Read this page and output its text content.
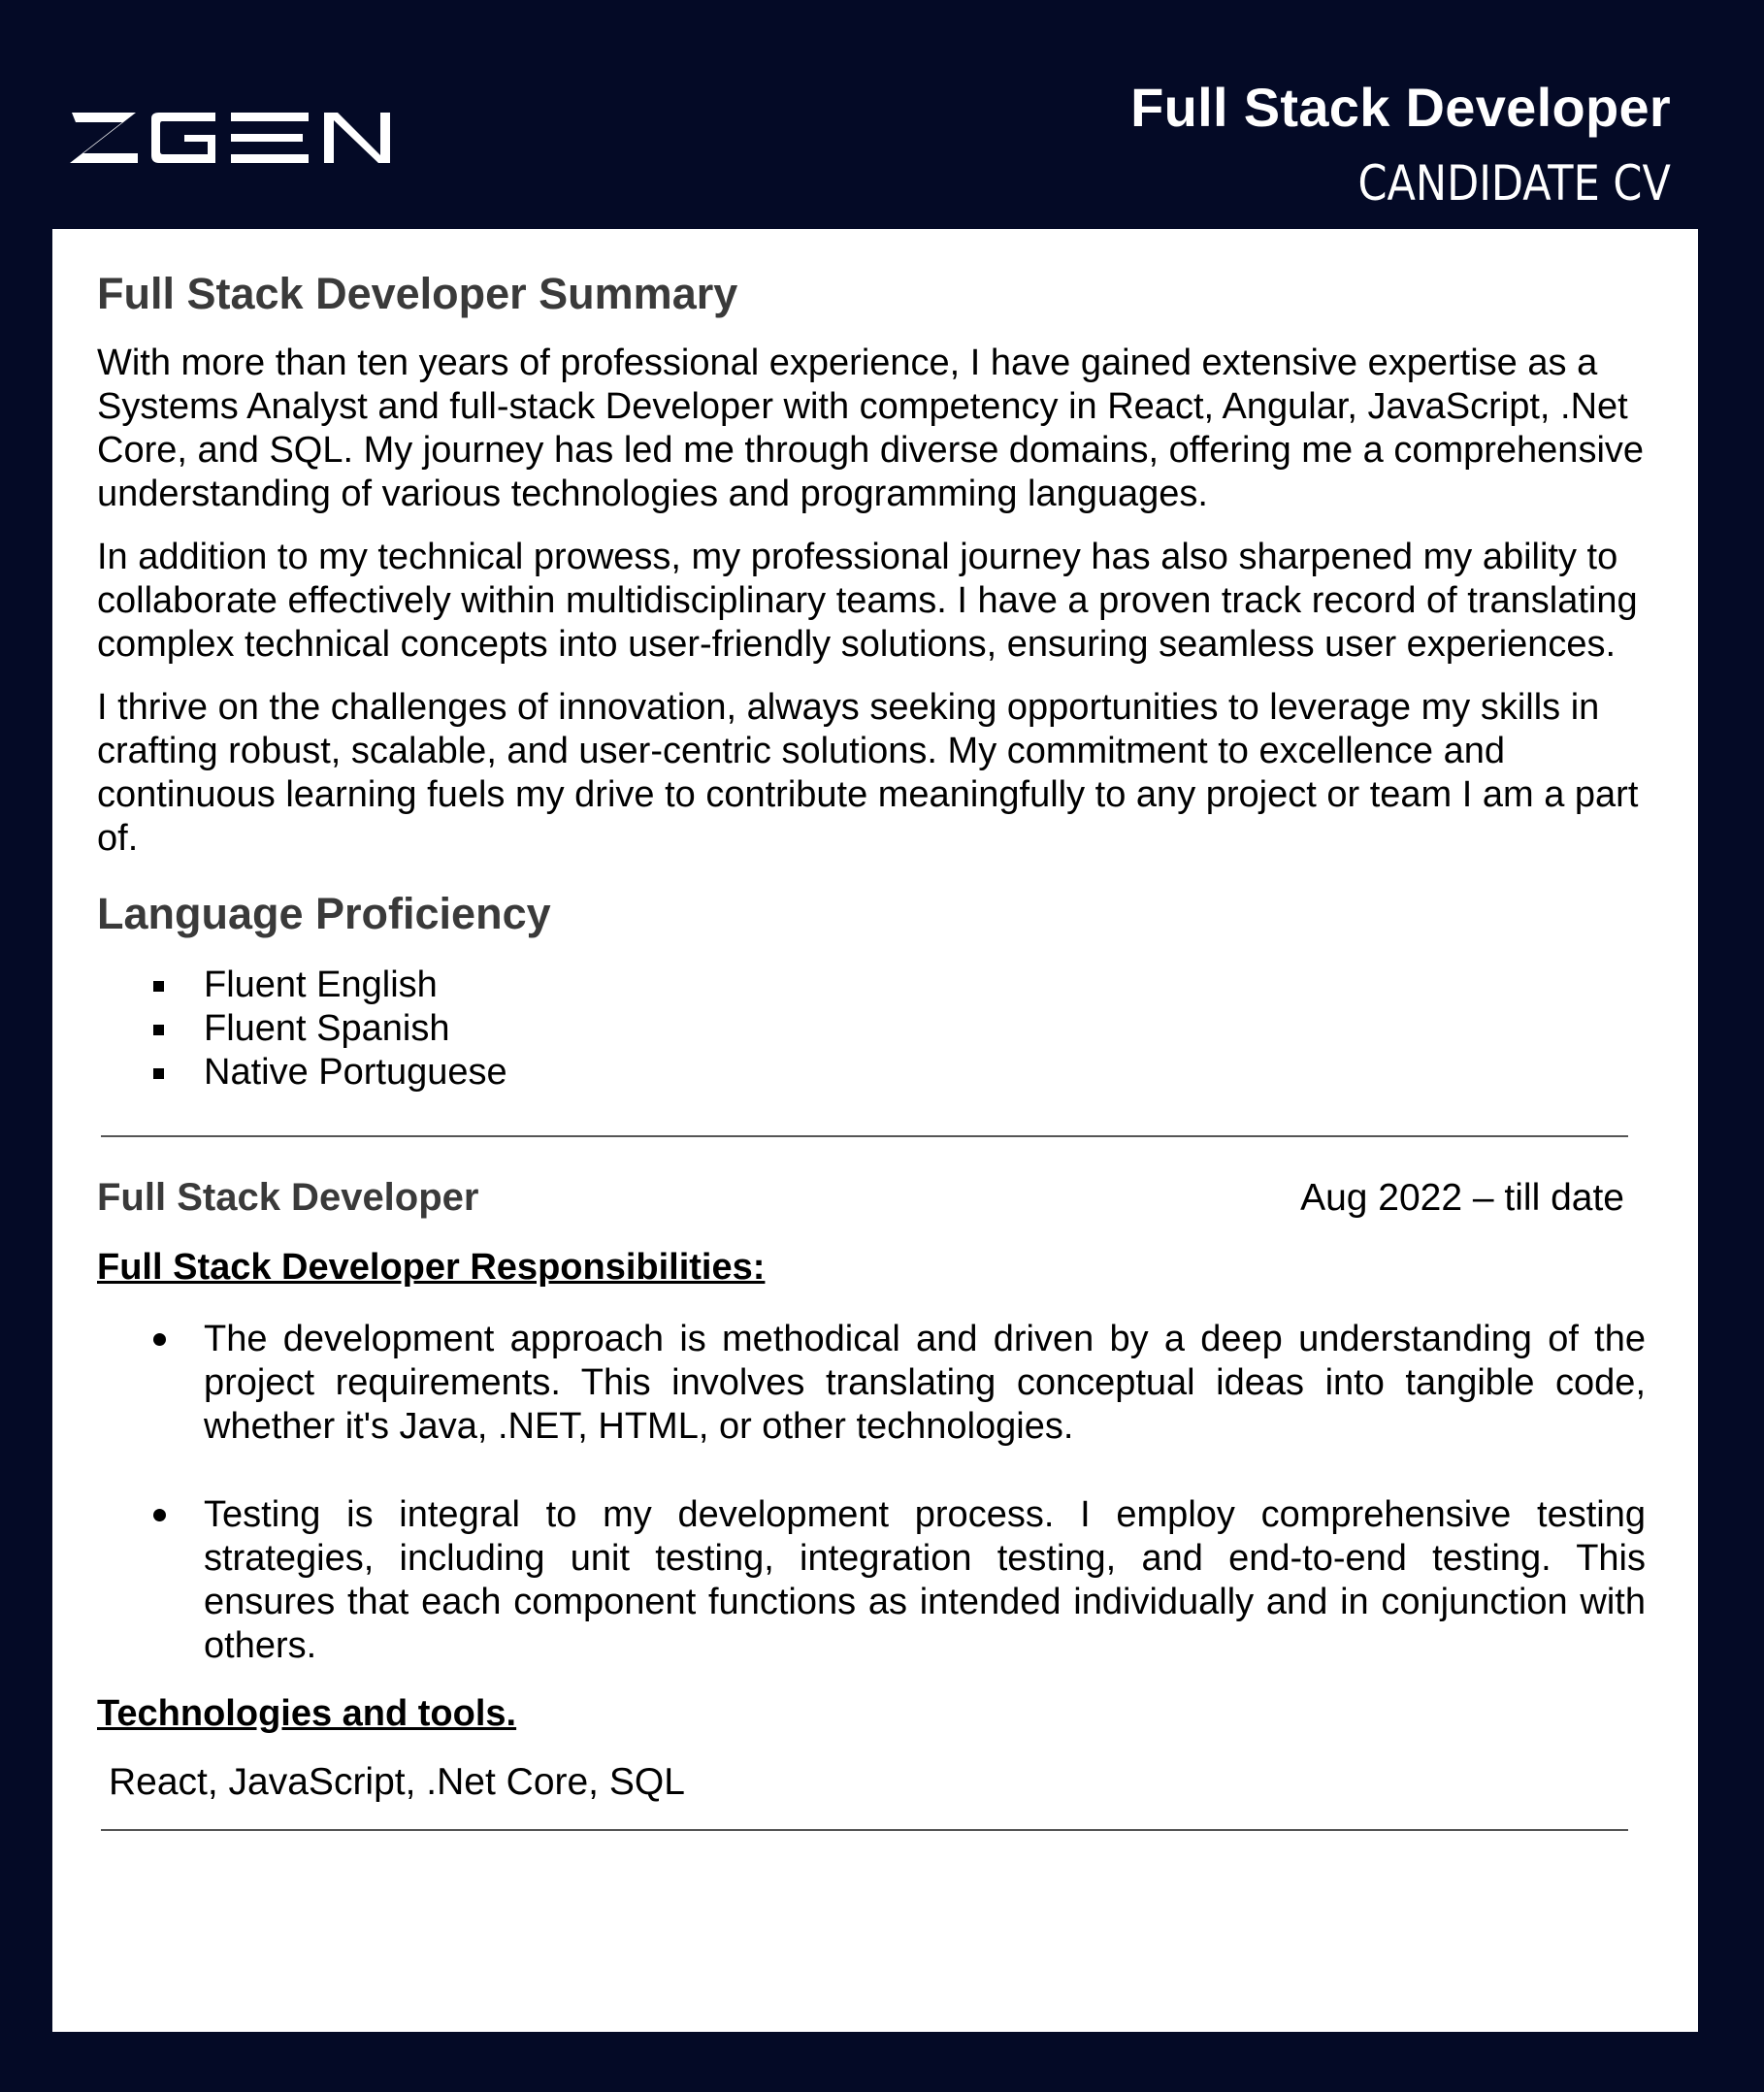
Full Stack Developer
CANDIDATE CV
Full Stack Developer Summary

With more than ten years of professional experience, I have gained extensive expertise as a Systems Analyst and full-stack Developer with competency in React, Angular, JavaScript, .Net Core, and SQL. My journey has led me through diverse domains, offering me a comprehensive understanding of various technologies and programming languages.

In addition to my technical prowess, my professional journey has also sharpened my ability to collaborate effectively within multidisciplinary teams. I have a proven track record of translating complex technical concepts into user-friendly solutions, ensuring seamless user experiences.

I thrive on the challenges of innovation, always seeking opportunities to leverage my skills in crafting robust, scalable, and user-centric solutions. My commitment to excellence and continuous learning fuels my drive to contribute meaningfully to any project or team I am a part of.

Language Proficiency
Fluent English
Fluent Spanish
Native Portuguese
Full Stack Developer	Aug 2022 – till date
Full Stack Developer Responsibilities:
The development approach is methodical and driven by a deep understanding of the project requirements. This involves translating conceptual ideas into tangible code, whether it's Java, .NET, HTML, or other technologies.
Testing is integral to my development process. I employ comprehensive testing strategies, including unit testing, integration testing, and end-to-end testing. This ensures that each component functions as intended individually and in conjunction with others.
Technologies and tools.
React, JavaScript, .Net Core, SQL
